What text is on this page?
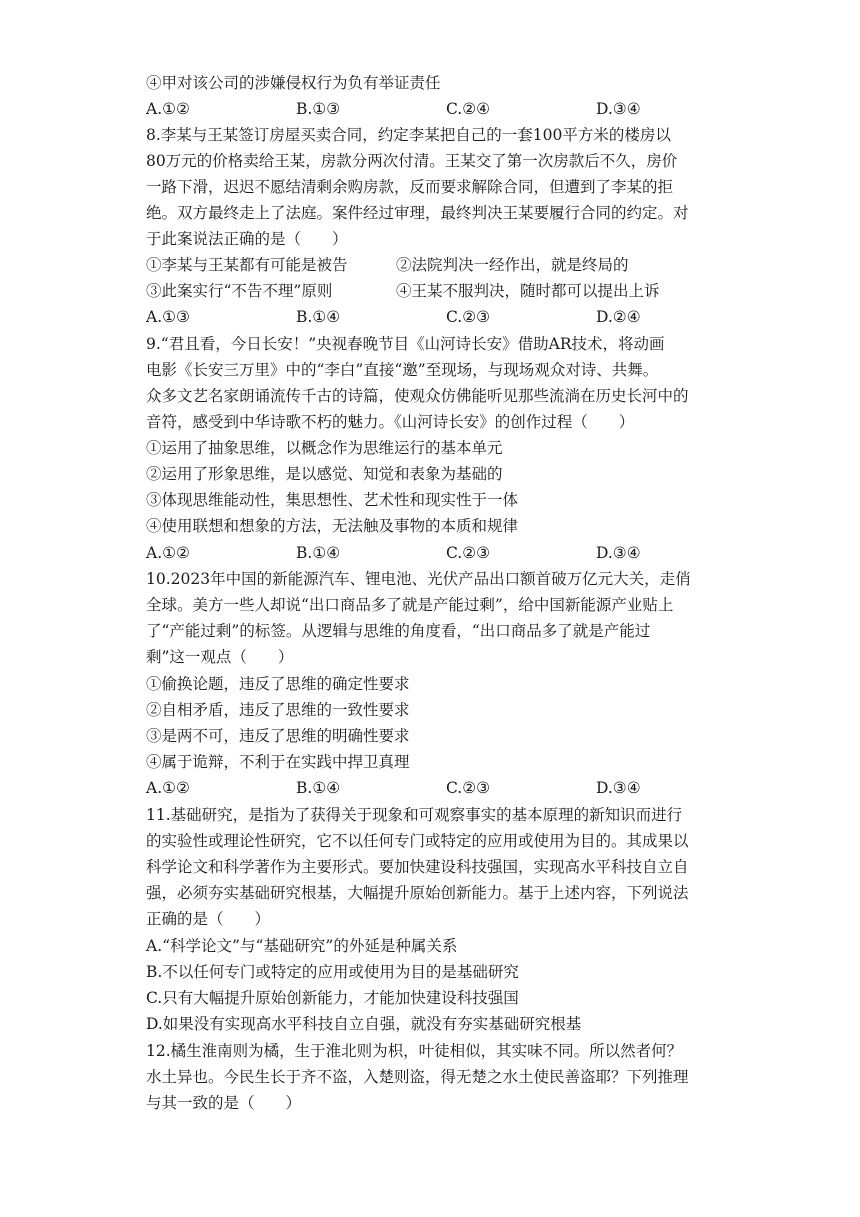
④甲对该公司的涉嫌侵权行为负有举证责任
A.①②	B.①③	C.②④	D.③④
8.李某与王某签订房屋买卖合同，约定李某把自己的一套100平方米的楼房以
80万元的价格卖给王某，房款分两次付清。王某交了第一次房款后不久，房价
一路下滑，迟迟不愿结清剩余购房款，反而要求解除合同，但遭到了李某的拒
绝。双方最终走上了法庭。案件经过审理，最终判决王某要履行合同的约定。对
于此案说法正确的是（　　）
①李某与王某都有可能是被告	②法院判决一经作出，就是终局的
③此案实行“不告不理”原则	④王某不服判决，随时都可以提出上诉
A.①③	B.①④	C.②③	D.②④
9.“君且看，今日长安！”央视春晚节目《山河诗长安》借助AR技术，将动画
电影《长安三万里》中的“李白”直接“邀”至现场，与现场观众对诗、共舞。
众多文艺名家朗诵流传千古的诗篇，使观众仿佛能听见那些流淌在历史长河中的
音符，感受到中华诗歌不朽的魅力。《山河诗长安》的创作过程（　　）
①运用了抽象思维，以概念作为思维运行的基本单元
②运用了形象思维，是以感觉、知觉和表象为基础的
③体现思维能动性，集思想性、艺术性和现实性于一体
④使用联想和想象的方法，无法触及事物的本质和规律
A.①②	B.①④	C.②③	D.③④
10.2023年中国的新能源汽车、锂电池、光伏产品出口额首破万亿元大关，走俏
全球。美方一些人却说“出口商品多了就是产能过剩”，给中国新能源产业贴上
了“产能过剩”的标签。从逻辑与思维的角度看，“出口商品多了就是产能过
剩”这一观点（　　）
①偷换论题，违反了思维的确定性要求
②自相矛盾，违反了思维的一致性要求
③是两不可，违反了思维的明确性要求
④属于诡辩，不利于在实践中捍卫真理
A.①②	B.①④	C.②③	D.③④
11.基础研究，是指为了获得关于现象和可观察事实的基本原理的新知识而进行
的实验性或理论性研究，它不以任何专门或特定的应用或使用为目的。其成果以
科学论文和科学著作为主要形式。要加快建设科技强国，实现高水平科技自立自
强，必须夯实基础研究根基，大幅提升原始创新能力。基于上述内容，下列说法
正确的是（　　）
A.“科学论文”与“基础研究”的外延是种属关系
B.不以任何专门或特定的应用或使用为目的是基础研究
C.只有大幅提升原始创新能力，才能加快建设科技强国
D.如果没有实现高水平科技自立自强，就没有夯实基础研究根基
12.橘生淮南则为橘，生于淮北则为枳，叶徒相似，其实味不同。所以然者何？
水土异也。今民生长于齐不盗，入楚则盗，得无楚之水土使民善盗耶？下列推理
与其一致的是（　　）
